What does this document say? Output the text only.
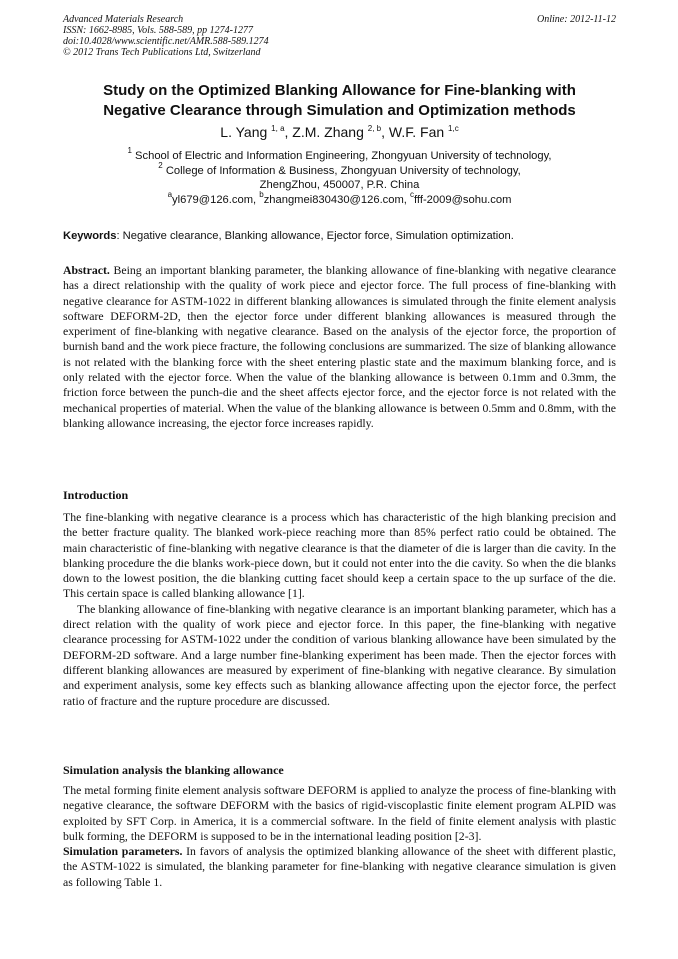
Advanced Materials Research
ISSN: 1662-8985, Vols. 588-589, pp 1274-1277
doi:10.4028/www.scientific.net/AMR.588-589.1274
© 2012 Trans Tech Publications Ltd, Switzerland
Online: 2012-11-12
Study on the Optimized Blanking Allowance for Fine-blanking with
Negative Clearance through Simulation and Optimization methods
L. Yang $^{1, a}$, Z.M. Zhang $^{2, b}$, W.F. Fan $^{1,c}$
$^1$ School of Electric and Information Engineering, Zhongyuan University of technology,
$^2$ College of Information & Business, Zhongyuan University of technology,
ZhengZhou, 450007, P.R. China
$^a$yl679@126.com, $^b$zhangmei830430@126.com, $^c$fff-2009@sohu.com
Keywords: Negative clearance, Blanking allowance, Ejector force, Simulation optimization.

Abstract. Being an important blanking parameter, the blanking allowance of fine-blanking with negative clearance has a direct relationship with the quality of work piece and ejector force. The full process of fine-blanking with negative clearance for ASTM-1022 in different blanking allowances is simulated through the finite element analysis software DEFORM-2D, then the ejector force under different blanking allowances is measured through the experiment of fine-blanking with negative clearance. Based on the analysis of the ejector force, the proportion of burnish band and the work piece fracture, the following conclusions are summarized. The size of blanking allowance is not related with the blanking force with the sheet entering plastic state and the maximum blanking force, and is only related with the ejector force. When the value of the blanking allowance is between 0.1mm and 0.3mm, the friction force between the punch-die and the sheet affects ejector force, and the ejector force is not related with the mechanical properties of material. When the value of the blanking allowance is between 0.5mm and 0.8mm, with the blanking allowance increasing, the ejector force increases rapidly.

Introduction

The fine-blanking with negative clearance is a process which has characteristic of the high blanking precision and the better fracture quality. The blanked work-piece reaching more than 85% perfect ratio could be obtained. The main characteristic of fine-blanking with negative clearance is that the diameter of die is larger than die cavity. In the blanking procedure the die blanks work-piece down, but it could not enter into the die cavity. So when the die blanks down to the lowest position, the die blanking cutting facet should keep a certain space to the up surface of the die. This certain space is called blanking allowance [1].

The blanking allowance of fine-blanking with negative clearance is an important blanking parameter, which has a direct relation with the quality of work piece and ejector force. In this paper, the fine-blanking with negative clearance processing for ASTM-1022 under the condition of various blanking allowance have been simulated by the DEFORM-2D software. And a large number fine-blanking experiment has been made. Then the ejector forces with different blanking allowances are measured by experiment of fine-blanking with negative clearance. By simulation and experiment analysis, some key effects such as blanking allowance affecting upon the ejector force, the perfect ratio of fracture and the rupture procedure are discussed.

Simulation analysis the blanking allowance

The metal forming finite element analysis software DEFORM is applied to analyze the process of fine-blanking with negative clearance, the software DEFORM with the basics of rigid-viscoplastic finite element program ALPID was exploited by SFT Corp. in America, it is a commercial software. In the field of finite element analysis with plastic bulk forming, the DEFORM is supposed to be in the international leading position [2-3].

Simulation parameters. In favors of analysis the optimized blanking allowance of the sheet with different plastic, the ASTM-1022 is simulated, the blanking parameter for fine-blanking with negative clearance simulation is given as following Table 1.
